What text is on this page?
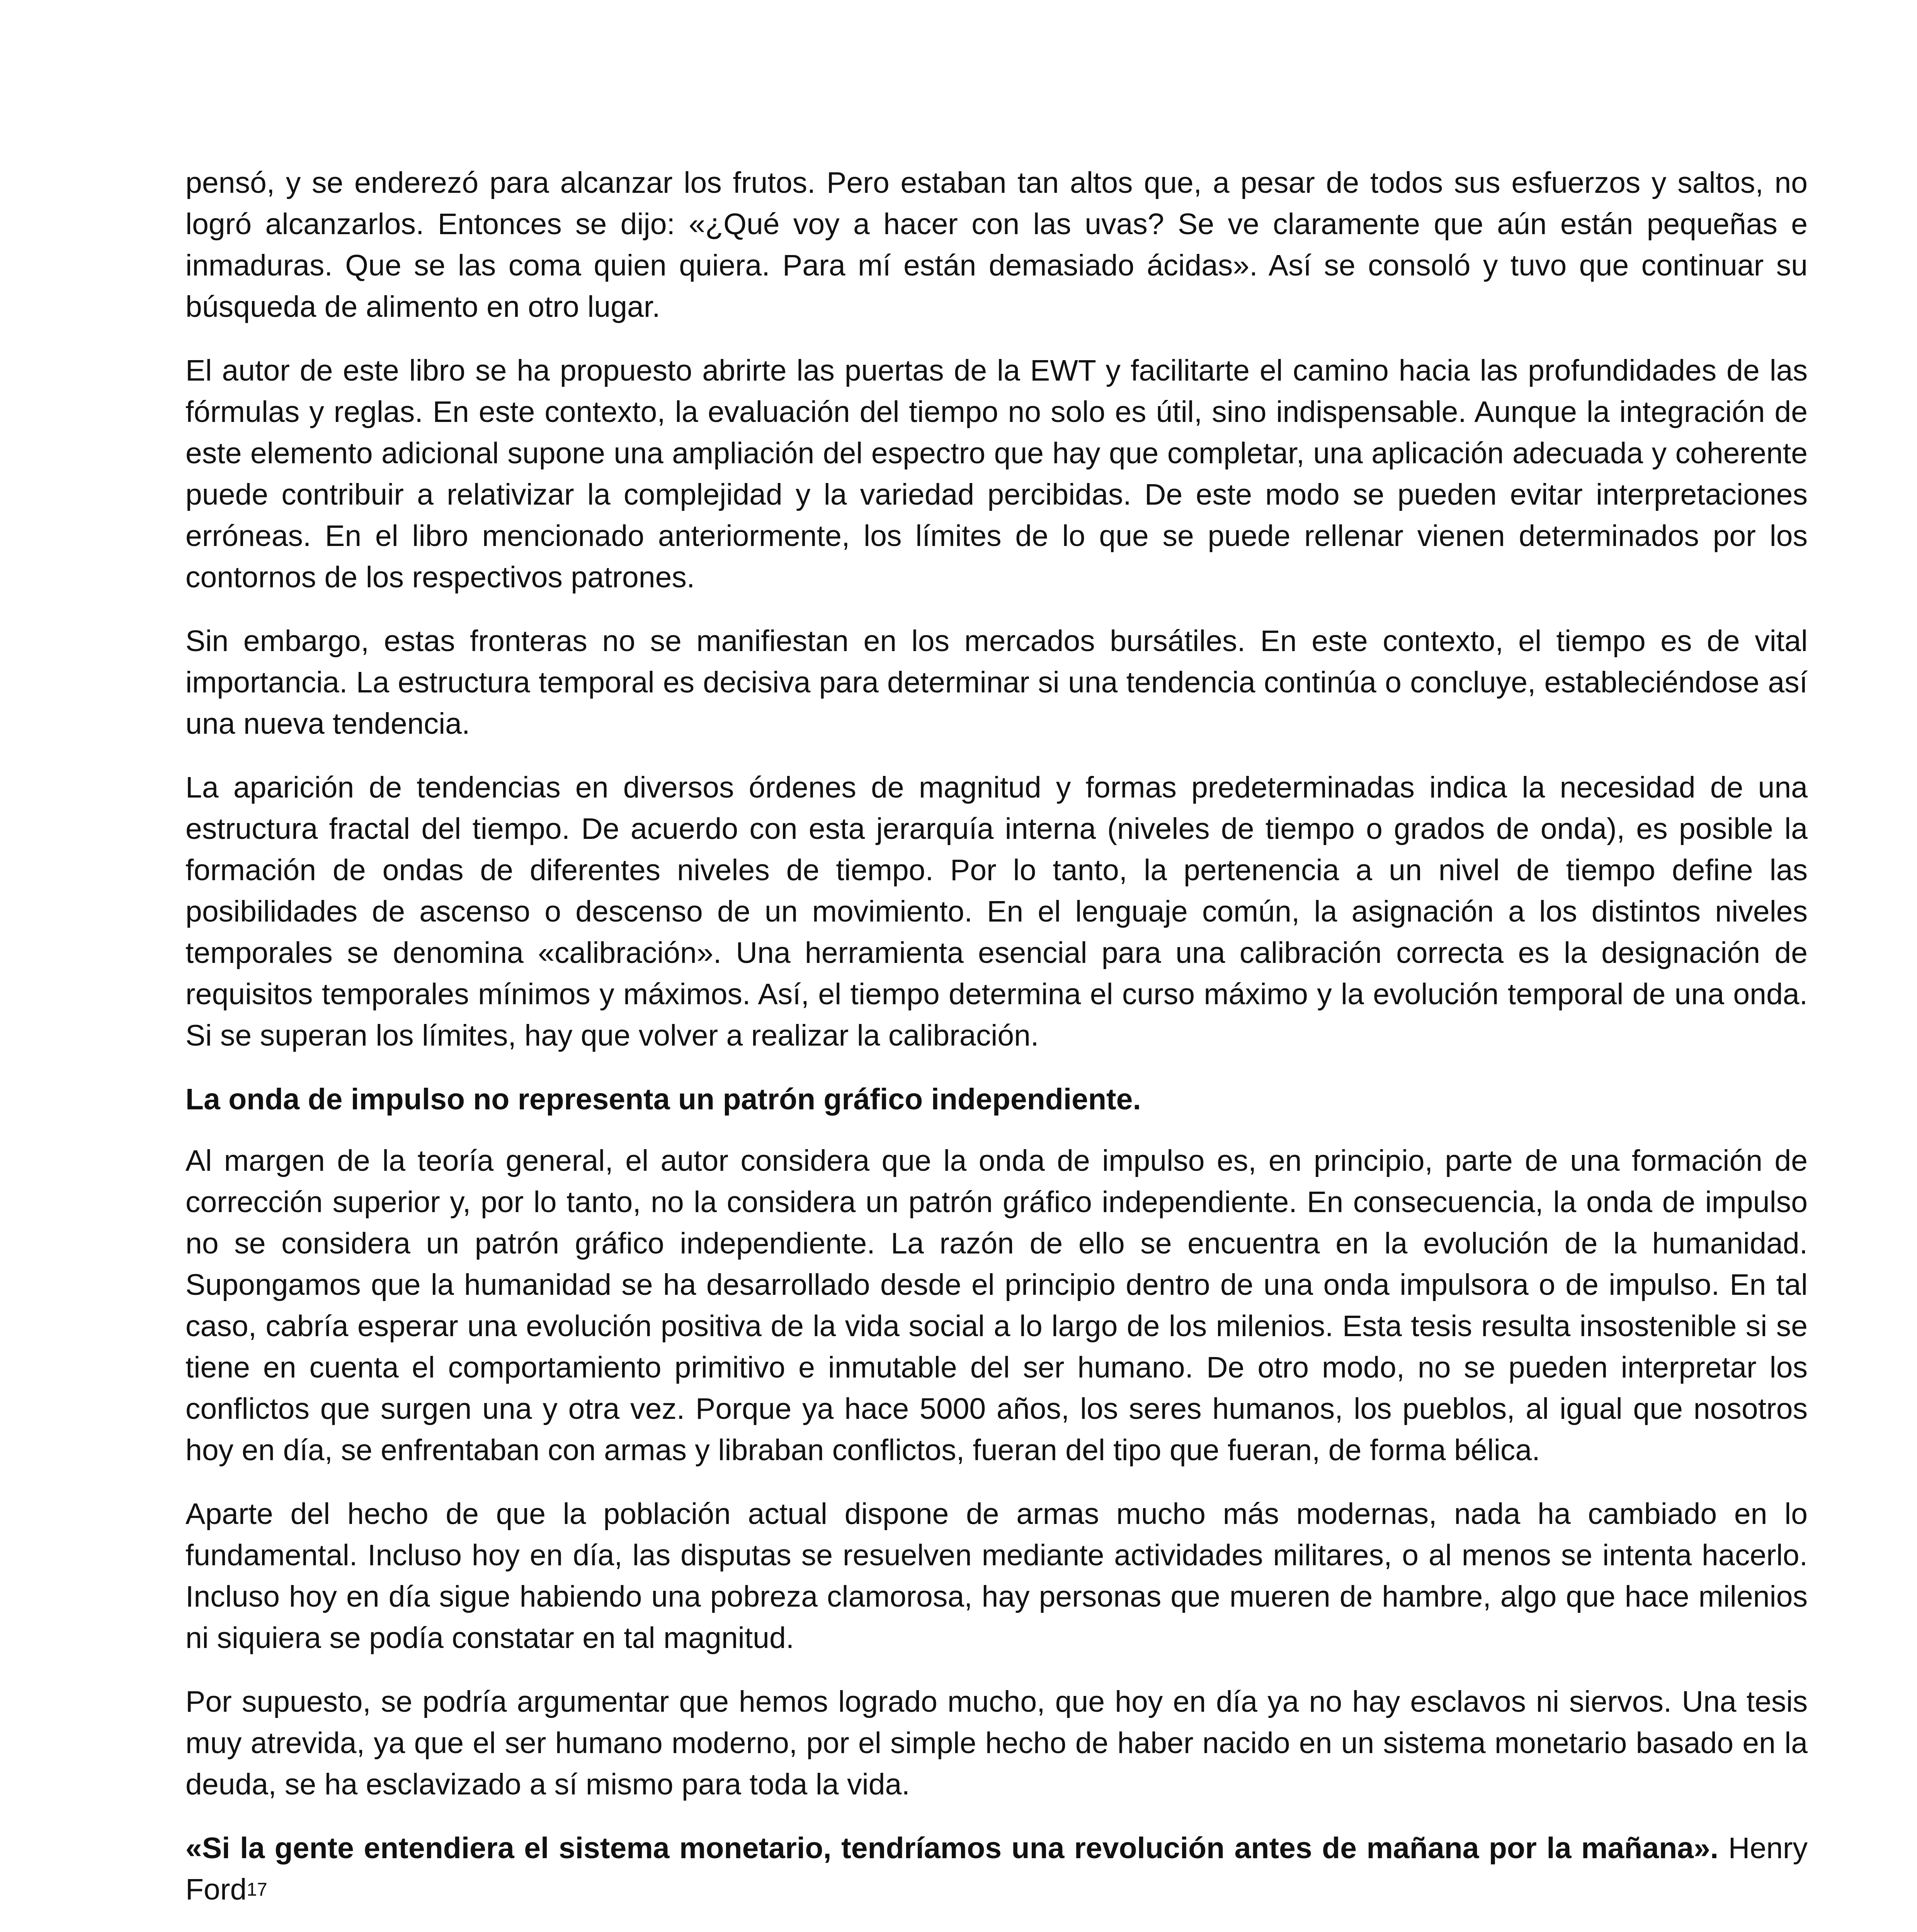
pensó, y se enderezó para alcanzar los frutos. Pero estaban tan altos que, a pesar de todos sus esfuerzos y saltos, no logró alcanzarlos. Entonces se dijo: «¿Qué voy a hacer con las uvas? Se ve claramente que aún están pequeñas e inmaduras. Que se las coma quien quiera. Para mí están demasiado ácidas». Así se consoló y tuvo que continuar su búsqueda de alimento en otro lugar.

El autor de este libro se ha propuesto abrirte las puertas de la EWT y facilitarte el camino hacia las profundidades de las fórmulas y reglas. En este contexto, la evaluación del tiempo no solo es útil, sino indispensable. Aunque la integración de este elemento adicional supone una ampliación del espectro que hay que completar, una aplicación adecuada y coherente puede contribuir a relativizar la complejidad y la variedad percibidas. De este modo se pueden evitar interpretaciones erróneas. En el libro mencionado anteriormente, los límites de lo que se puede rellenar vienen determinados por los contornos de los respectivos patrones.

Sin embargo, estas fronteras no se manifiestan en los mercados bursátiles. En este contexto, el tiempo es de vital importancia. La estructura temporal es decisiva para determinar si una tendencia continúa o concluye, estableciéndose así una nueva tendencia.

La aparición de tendencias en diversos órdenes de magnitud y formas predeterminadas indica la necesidad de una estructura fractal del tiempo. De acuerdo con esta jerarquía interna (niveles de tiempo o grados de onda), es posible la formación de ondas de diferentes niveles de tiempo. Por lo tanto, la pertenencia a un nivel de tiempo define las posibilidades de ascenso o descenso de un movimiento. En el lenguaje común, la asignación a los distintos niveles temporales se denomina «calibración». Una herramienta esencial para una calibración correcta es la designación de requisitos temporales mínimos y máximos. Así, el tiempo determina el curso máximo y la evolución temporal de una onda. Si se superan los límites, hay que volver a realizar la calibración.

La onda de impulso no representa un patrón gráfico independiente.

Al margen de la teoría general, el autor considera que la onda de impulso es, en principio, parte de una formación de corrección superior y, por lo tanto, no la considera un patrón gráfico independiente. En consecuencia, la onda de impulso no se considera un patrón gráfico independiente. La razón de ello se encuentra en la evolución de la humanidad. Supongamos que la humanidad se ha desarrollado desde el principio dentro de una onda impulsora o de impulso. En tal caso, cabría esperar una evolución positiva de la vida social a lo largo de los milenios. Esta tesis resulta insostenible si se tiene en cuenta el comportamiento primitivo e inmutable del ser humano. De otro modo, no se pueden interpretar los conflictos que surgen una y otra vez. Porque ya hace 5000 años, los seres humanos, los pueblos, al igual que nosotros hoy en día, se enfrentaban con armas y libraban conflictos, fueran del tipo que fueran, de forma bélica.

Aparte del hecho de que la población actual dispone de armas mucho más modernas, nada ha cambiado en lo fundamental. Incluso hoy en día, las disputas se resuelven mediante actividades militares, o al menos se intenta hacerlo. Incluso hoy en día sigue habiendo una pobreza clamorosa, hay personas que mueren de hambre, algo que hace milenios ni siquiera se podía constatar en tal magnitud.

Por supuesto, se podría argumentar que hemos logrado mucho, que hoy en día ya no hay esclavos ni siervos. Una tesis muy atrevida, ya que el ser humano moderno, por el simple hecho de haber nacido en un sistema monetario basado en la deuda, se ha esclavizado a sí mismo para toda la vida.

«Si la gente entendiera el sistema monetario, tendríamos una revolución antes de mañana por la mañana». Henry Ford$^{17}$
